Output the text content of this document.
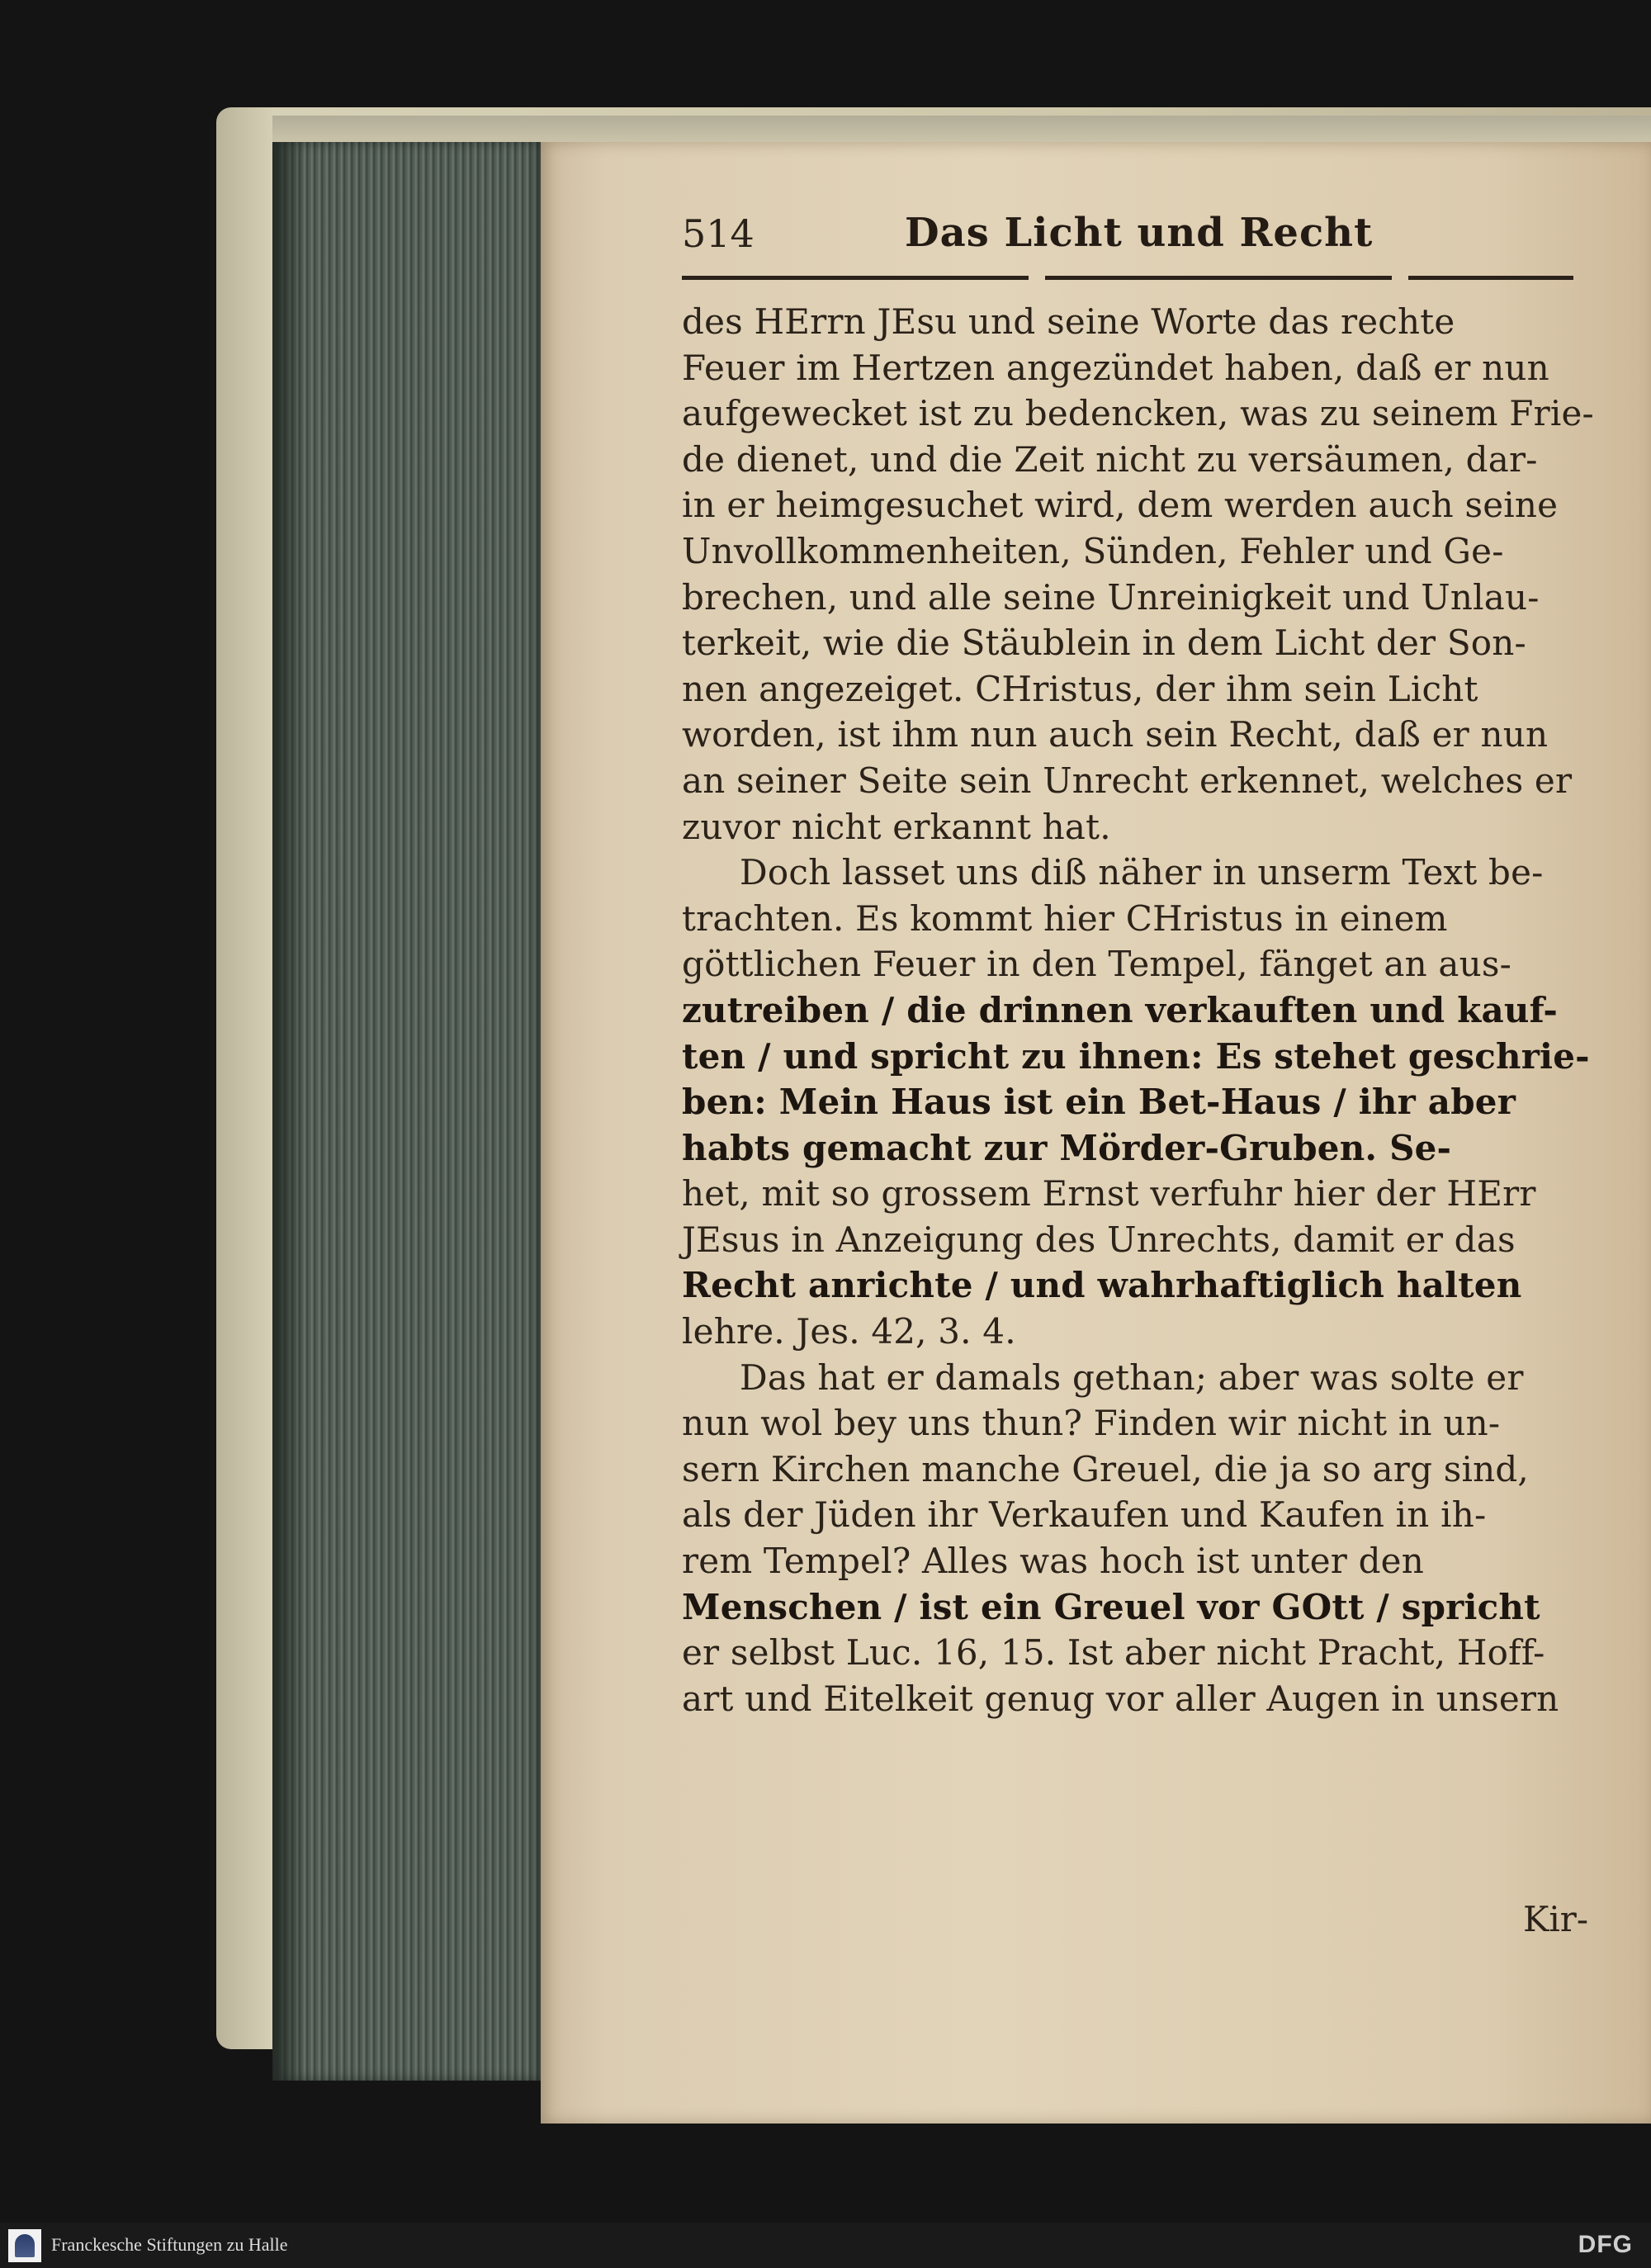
514	Das Licht und Recht
des HErrn JEsu und seine Worte das rechte
Feuer im Hertzen angezündet haben, daß er nun
aufgewecket ist zu bedencken, was zu seinem Frie-
de dienet, und die Zeit nicht zu versäumen, dar-
in er heimgesuchet wird, dem werden auch seine
Unvollkommenheiten, Sünden, Fehler und Ge-
brechen, und alle seine Unreinigkeit und Unlau-
terkeit, wie die Stäublein in dem Licht der Son-
nen angezeiget. CHristus, der ihm sein Licht
worden, ist ihm nun auch sein Recht, daß er nun
an seiner Seite sein Unrecht erkennet, welches er
zuvor nicht erkannt hat.
Doch lasset uns diß näher in unserm Text be-
trachten. Es kommt hier CHristus in einem
göttlichen Feuer in den Tempel, fänget an aus-
zutreiben / die drinnen verkauften und kauf-
ten / und spricht zu ihnen: Es stehet geschrie-
ben: Mein Haus ist ein Bet-Haus / ihr aber
habts gemacht zur Mörder-Gruben. Se-
het, mit so grossem Ernst verfuhr hier der HErr
JEsus in Anzeigung des Unrechts, damit er das
Recht anrichte / und wahrhaftiglich halten
lehre. Jes. 42, 3. 4.
Das hat er damals gethan; aber was solte er
nun wol bey uns thun? Finden wir nicht in un-
sern Kirchen manche Greuel, die ja so arg sind,
als der Jüden ihr Verkaufen und Kaufen in ih-
rem Tempel? Alles was hoch ist unter den
Menschen / ist ein Greuel vor GOtt / spricht
er selbst Luc. 16, 15. Ist aber nicht Pracht, Hoff-
art und Eitelkeit genug vor aller Augen in unsern
Kir-
Franckesche Stiftungen zu Halle	DFG
